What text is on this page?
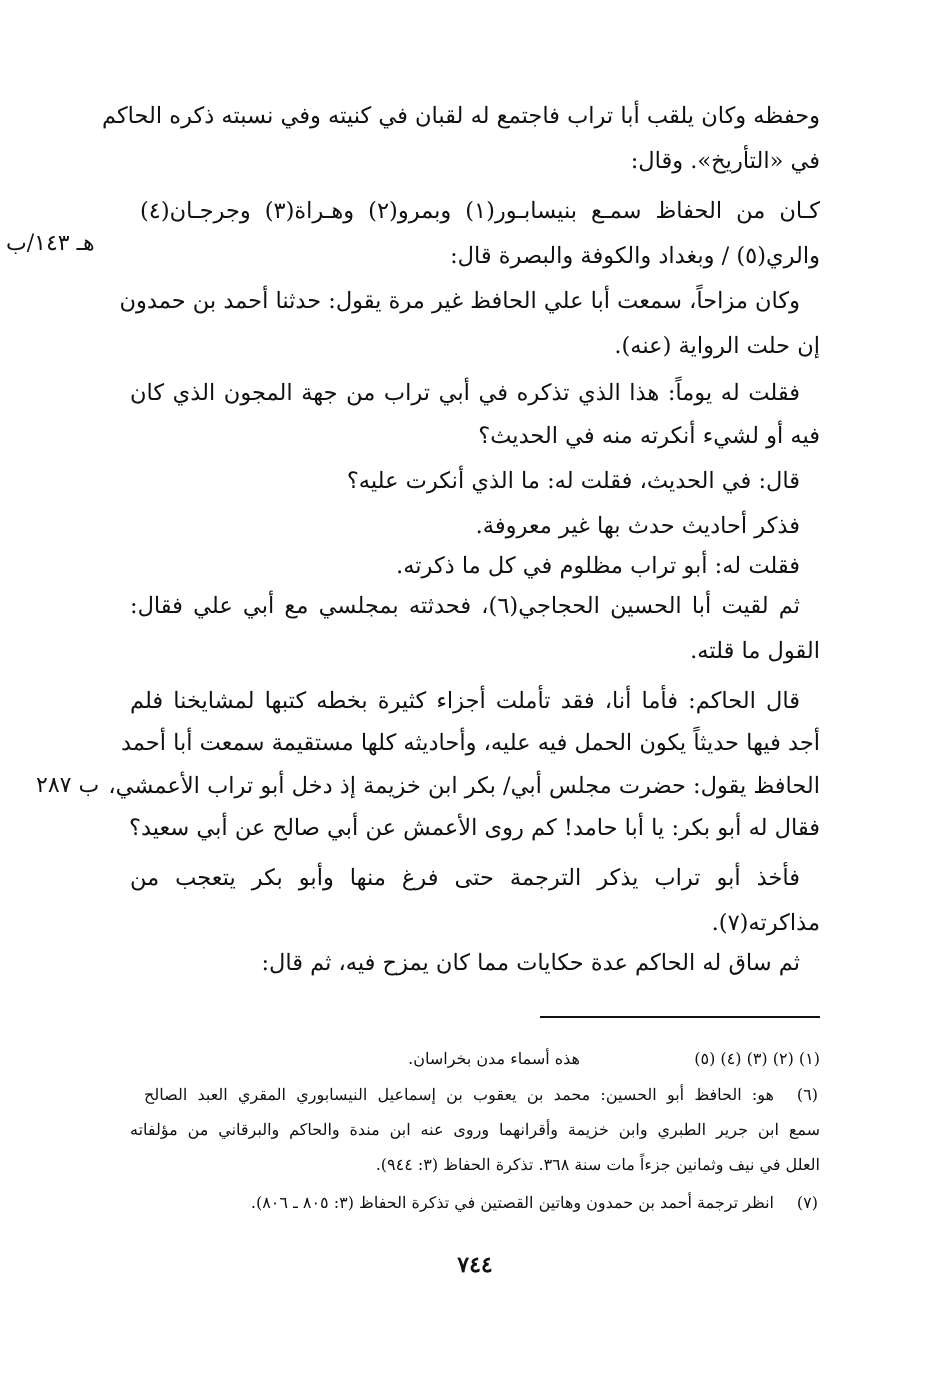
وحفظه وكان يلقب أبا تراب فاجتمع له لقبان في كنيته وفي نسبته ذكره الحاكم
في «التأريخ». وقال:
كـان من الحفاظ سمـع بنيسابـور(١) وبمرو(٢) وهـراة(٣) وجرجـان(٤)
والري(٥) / وبغداد والكوفة والبصرة قال:
وكان مزاحاً، سمعت أبا علي الحافظ غير مرة يقول: حدثنا أحمد بن حمدون
إن حلت الرواية (عنه).
فقلت له يوماً: هذا الذي تذكره في أبي تراب من جهة المجون الذي كان
فيه أو لشيء أنكرته منه في الحديث؟
قال: في الحديث، فقلت له: ما الذي أنكرت عليه؟
فذكر أحاديث حدث بها غير معروفة.
فقلت له: أبو تراب مظلوم في كل ما ذكرته.
ثم لقيت أبا الحسين الحجاجي(٦)، فحدثته بمجلسي مع أبي علي فقال:
القول ما قلته.
قال الحاكم: فأما أنا، فقد تأملت أجزاء كثيرة بخطه كتبها لمشايخنا فلم
أجد فيها حديثاً يكون الحمل فيه عليه، وأحاديثه كلها مستقيمة سمعت أبا أحمد
الحافظ يقول: حضرت مجلس أبي/ بكر ابن خزيمة إذ دخل أبو تراب الأعمشي،
فقال له أبو بكر: يا أبا حامد! كم روى الأعمش عن أبي صالح عن أبي سعيد؟
فأخذ أبو تراب يذكر الترجمة حتى فرغ منها وأبو بكر يتعجب من
مذاكرته(٧).
ثم ساق له الحاكم عدة حكايات مما كان يمزح فيه، ثم قال:
هـ ١٤٣/ب
ب ٢٨٧
(١) (٢) (٣) (٤) (٥)
هذه أسماء مدن بخراسان.
(٦)
هو: الحافظ أبو الحسين: محمد بن يعقوب بن إسماعيل النيسابوري المقري العبد الصالح
سمع ابن جرير الطبري وابن خزيمة وأقرانهما وروى عنه ابن مندة والحاكم والبرقاني من مؤلفاته
العلل في نيف وثمانين جزءاً مات سنة ٣٦٨. تذكرة الحفاظ (٣: ٩٤٤).
(٧)
انظر ترجمة أحمد بن حمدون وهاتين القصتين في تذكرة الحفاظ (٣: ٨٠٥ ـ ٨٠٦).
٧٤٤
